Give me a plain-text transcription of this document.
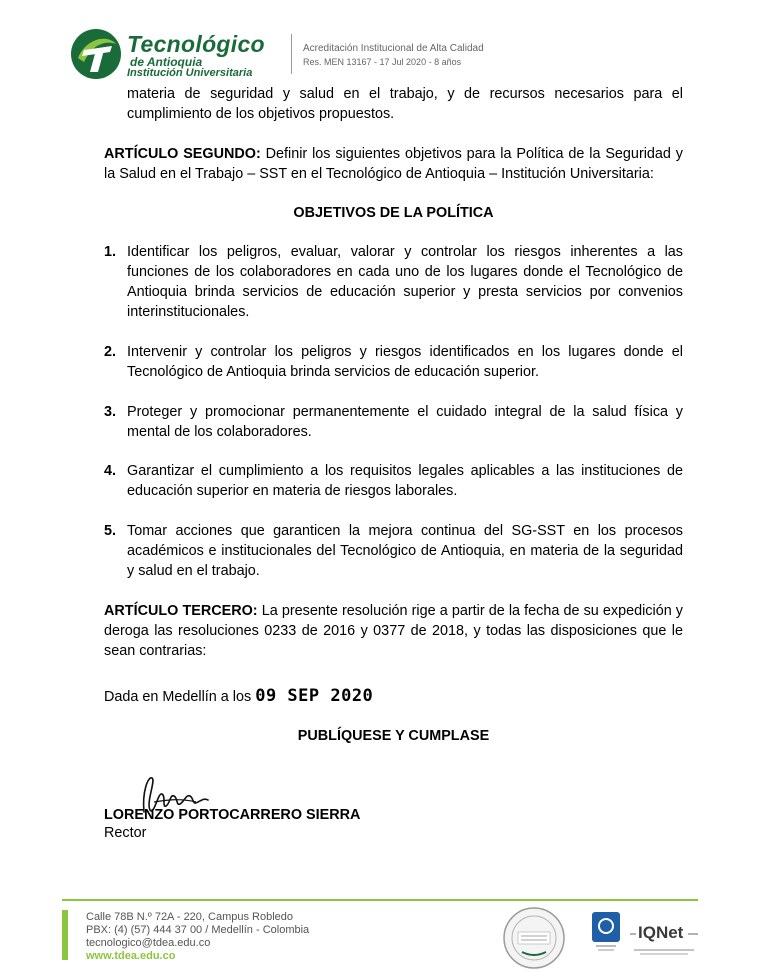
Tecnológico
de Antioquia
Institución Universitaria
Acreditación Institucional de Alta Calidad
Res. MEN 13167 - 17 Jul 2020 - 8 años
materia de seguridad y salud en el trabajo, y de recursos necesarios para el cumplimiento de los objetivos propuestos.
ARTÍCULO SEGUNDO: Definir los siguientes objetivos para la Política de la Seguridad y la Salud en el Trabajo – SST en el Tecnológico de Antioquia – Institución Universitaria:
OBJETIVOS DE LA POLÍTICA
1. Identificar los peligros, evaluar, valorar y controlar los riesgos inherentes a las funciones de los colaboradores en cada uno de los lugares donde el Tecnológico de Antioquia brinda servicios de educación superior y presta servicios por convenios interinstitucionales.
2. Intervenir y controlar los peligros y riesgos identificados en los lugares donde el Tecnológico de Antioquia brinda servicios de educación superior.
3. Proteger y promocionar permanentemente el cuidado integral de la salud física y mental de los colaboradores.
4. Garantizar el cumplimiento a los requisitos legales aplicables a las instituciones de educación superior en materia de riesgos laborales.
5. Tomar acciones que garanticen la mejora continua del SG-SST en los procesos académicos e institucionales del Tecnológico de Antioquia, en materia de la seguridad y salud en el trabajo.
ARTÍCULO TERCERO: La presente resolución rige a partir de la fecha de su expedición y deroga las resoluciones 0233 de 2016 y 0377 de 2018, y todas las disposiciones que le sean contrarias:
Dada en Medellín a los 09 SEP 2020
PUBLÍQUESE Y CUMPLASE
LORENZO PORTOCARRERO SIERRA
Rector
Calle 78B N.º 72A - 220, Campus Robledo
PBX: (4) (57) 444 37 00 / Medellín - Colombia
tecnologico@tdea.edu.co
www.tdea.edu.co
IQNet
